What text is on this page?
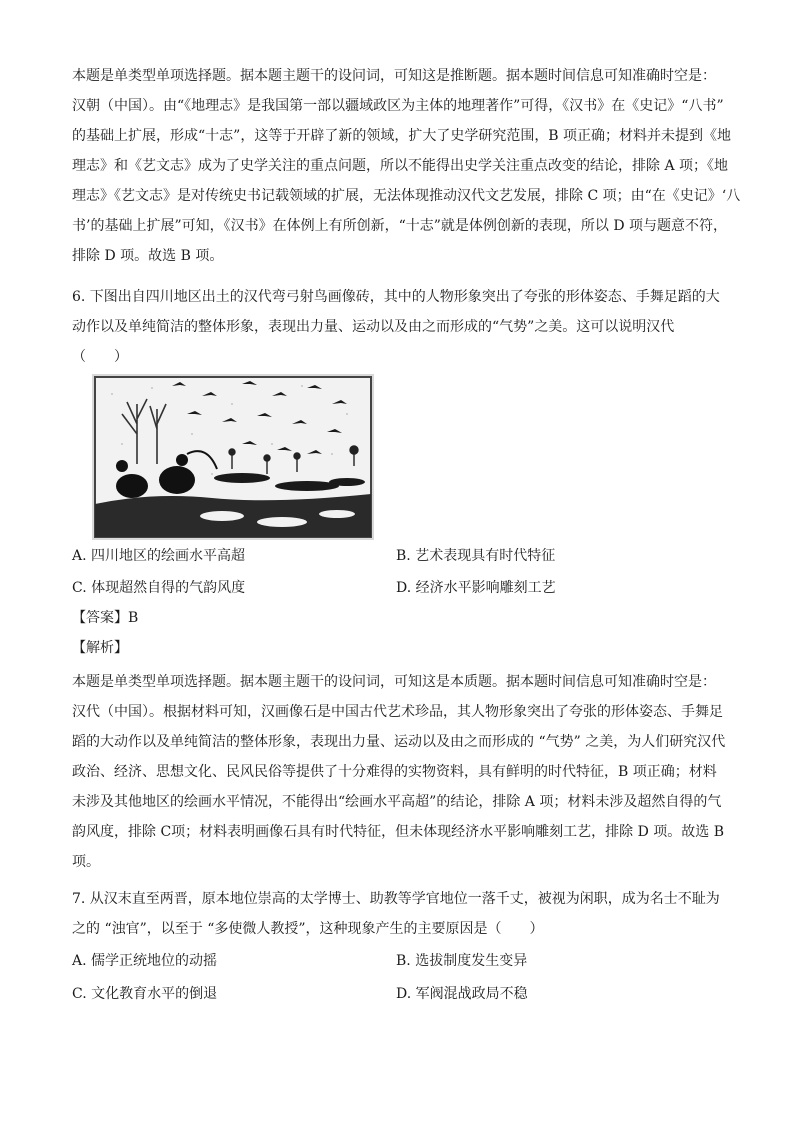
本题是单类型单项选择题。据本题主题干的设问词，可知这是推断题。据本题时间信息可知准确时空是：
汉朝（中国）。由“《地理志》是我国第一部以疆域政区为主体的地理著作”可得，《汉书》在《史记》“八书”
的基础上扩展，形成“十志”，这等于开辟了新的领域，扩大了史学研究范围，B 项正确；材料并未提到《地
理志》和《艺文志》成为了史学关注的重点问题，所以不能得出史学关注重点改变的结论，排除 A 项；《地
理志》《艺文志》是对传统史书记载领域的扩展，无法体现推动汉代文艺发展，排除 C 项；由“在《史记》‘八
书’的基础上扩展”可知，《汉书》在体例上有所创新，“十志”就是体例创新的表现，所以 D 项与题意不符，
排除 D 项。故选 B 项。

6. 下图出自四川地区出土的汉代弯弓射鸟画像砖，其中的人物形象突出了夸张的形体姿态、手舞足蹈的大
动作以及单纯简洁的整体形象，表现出力量、运动以及由之而形成的“气势”之美。这可以说明汉代
（　　）

A. 四川地区的绘画水平高超	B. 艺术表现具有时代特征
C. 体现超然自得的气韵风度	D. 经济水平影响雕刻工艺
【答案】B
【解析】

本题是单类型单项选择题。据本题主题干的设问词，可知这是本质题。据本题时间信息可知准确时空是：
汉代（中国）。根据材料可知，汉画像石是中国古代艺术珍品，其人物形象突出了夸张的形体姿态、手舞足
蹈的大动作以及单纯简洁的整体形象，表现出力量、运动以及由之而形成的 “气势” 之美，为人们研究汉代
政治、经济、思想文化、民风民俗等提供了十分难得的实物资料，具有鲜明的时代特征，B 项正确；材料
未涉及其他地区的绘画水平情况，不能得出“绘画水平高超”的结论，排除 A 项；材料未涉及超然自得的气
韵风度，排除 C项；材料表明画像石具有时代特征，但未体现经济水平影响雕刻工艺，排除 D 项。故选 B
项。

7. 从汉末直至两晋，原本地位崇高的太学博士、助教等学官地位一落千丈，被视为闲职，成为名士不耻为
之的 “浊官”，以至于 “多使微人教授”，这种现象产生的主要原因是（　　）

A. 儒学正统地位的动摇	B. 选拔制度发生变异
C. 文化教育水平的倒退	D. 军阀混战政局不稳
